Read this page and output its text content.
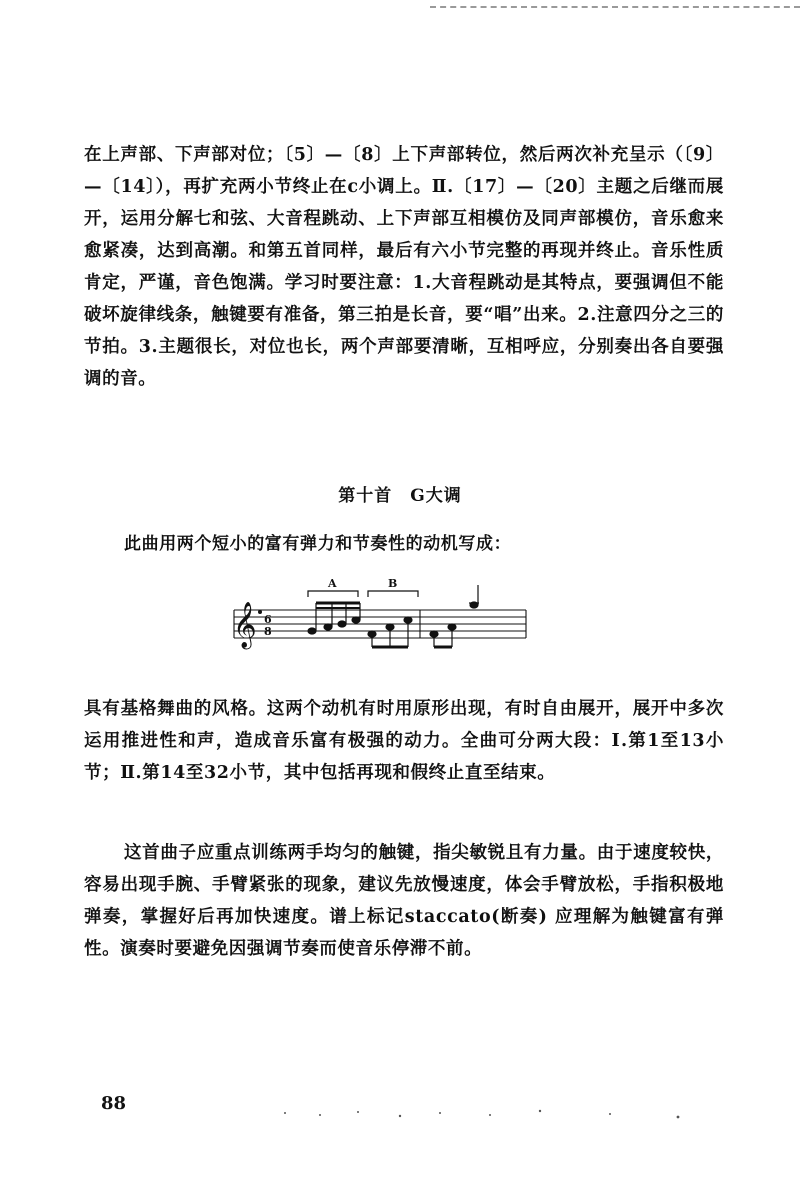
在上声部、下声部对位；〔5〕—〔8〕上下声部转位，然后两次补充呈示（〔9〕—〔14〕），再扩充两小节终止在c小调上。Ⅱ.〔17〕—〔20〕主题之后继而展开，运用分解七和弦、大音程跳动、上下声部互相模仿及同声部模仿，音乐愈来愈紧凑，达到高潮。和第五首同样，最后有六小节完整的再现并终止。音乐性质肯定，严谨，音色饱满。学习时要注意：1.大音程跳动是其特点，要强调但不能破坏旋律线条，触键要有准备，第三拍是长音，要“唱”出来。2.注意四分之三的节拍。3.主题很长，对位也长，两个声部要清晰，互相呼应，分别奏出各自要强调的音。

第十首　G大调
此曲用两个短小的富有弹力和节奏性的动机写成：
𝄞 6
8
A	B

具有基格舞曲的风格。这两个动机有时用原形出现，有时自由展开，展开中多次运用推进性和声，造成音乐富有极强的动力。全曲可分两大段：Ⅰ.第1至13小节；Ⅱ.第14至32小节，其中包括再现和假终止直至结束。

这首曲子应重点训练两手均匀的触键，指尖敏锐且有力量。由于速度较快，容易出现手腕、手臂紧张的现象，建议先放慢速度，体会手臂放松，手指积极地弹奏，掌握好后再加快速度。谱上标记staccato(断奏) 应理解为触键富有弹性。演奏时要避免因强调节奏而使音乐停滞不前。

88
